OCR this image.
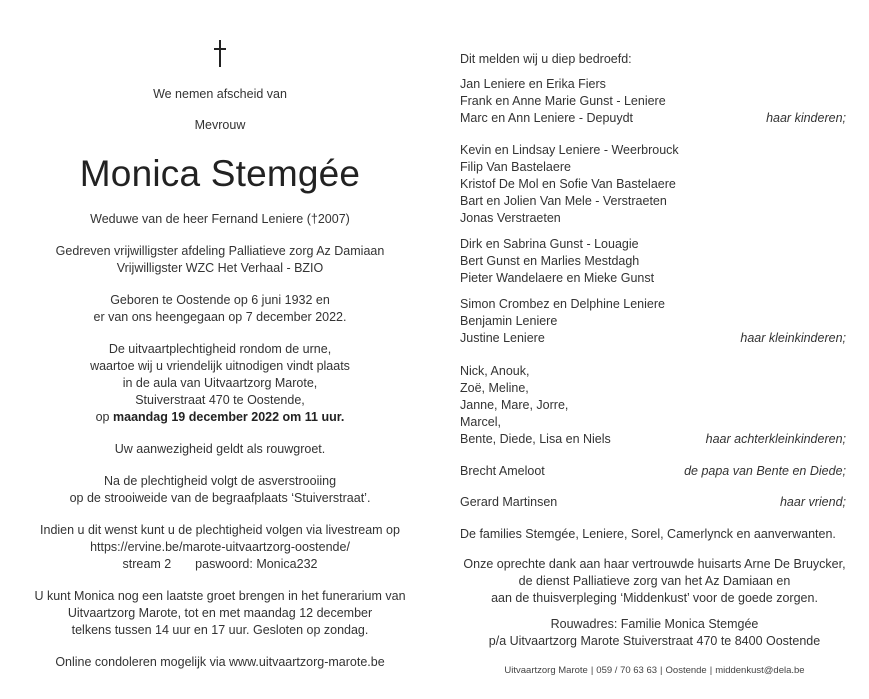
We nemen afscheid van
Mevrouw
Monica Stemgée
Weduwe van de heer Fernand Leniere (†2007)
Gedreven vrijwilligster afdeling Palliatieve zorg Az Damiaan
Vrijwilligster WZC Het Verhaal - BZIO
Geboren te Oostende op 6 juni 1932 en
er van ons heengegaan op 7 december 2022.
De uitvaartplechtigheid rondom de urne,
waartoe wij u vriendelijk uitnodigen vindt plaats
in de aula van Uitvaartzorg Marote,
Stuiverstraat 470 te Oostende,
op maandag 19 december 2022 om 11 uur.
Uw aanwezigheid geldt als rouwgroet.
Na de plechtigheid volgt de asverstrooiing
op de strooiweide van de begraafplaats ‘Stuiverstraat’.
Indien u dit wenst kunt u de plechtigheid volgen via livestream op
https://ervine.be/marote-uitvaartzorg-oostende/
stream 2 paswoord: Monica232
U kunt Monica nog een laatste groet brengen in het funerarium van
Uitvaartzorg Marote, tot en met maandag 12 december
telkens tussen 14 uur en 17 uur. Gesloten op zondag.
Online condoleren mogelijk via www.uitvaartzorg-marote.be
Dit melden wij u diep bedroefd:
Jan Leniere en Erika Fiers
Frank en Anne Marie Gunst - Leniere
Marc en Ann Leniere - Depuydt	haar kinderen;
Kevin en Lindsay Leniere - Weerbrouck
Filip Van Bastelaere
Kristof De Mol en Sofie Van Bastelaere
Bart en Jolien Van Mele - Verstraeten
Jonas Verstraeten
Dirk en Sabrina Gunst - Louagie
Bert Gunst en Marlies Mestdagh
Pieter Wandelaere en Mieke Gunst
Simon Crombez en Delphine Leniere
Benjamin Leniere
Justine Leniere	haar kleinkinderen;
Nick, Anouk,
Zoë, Meline,
Janne, Mare, Jorre,
Marcel,
Bente, Diede, Lisa en Niels	haar achterkleinkinderen;
Brecht Ameloot	de papa van Bente en Diede;
Gerard Martinsen	haar vriend;
De families Stemgée, Leniere, Sorel, Camerlynck en aanverwanten.
Onze oprechte dank aan haar vertrouwde huisarts Arne De Bruycker,
de dienst Palliatieve zorg van het Az Damiaan en
aan de thuisverpleging ‘Middenkust’ voor de goede zorgen.
Rouwadres: Familie Monica Stemgée
p/a Uitvaartzorg Marote Stuiverstraat 470 te 8400 Oostende
Uitvaartzorg Marote | 059 / 70 63 63 | Oostende | middenkust@dela.be
